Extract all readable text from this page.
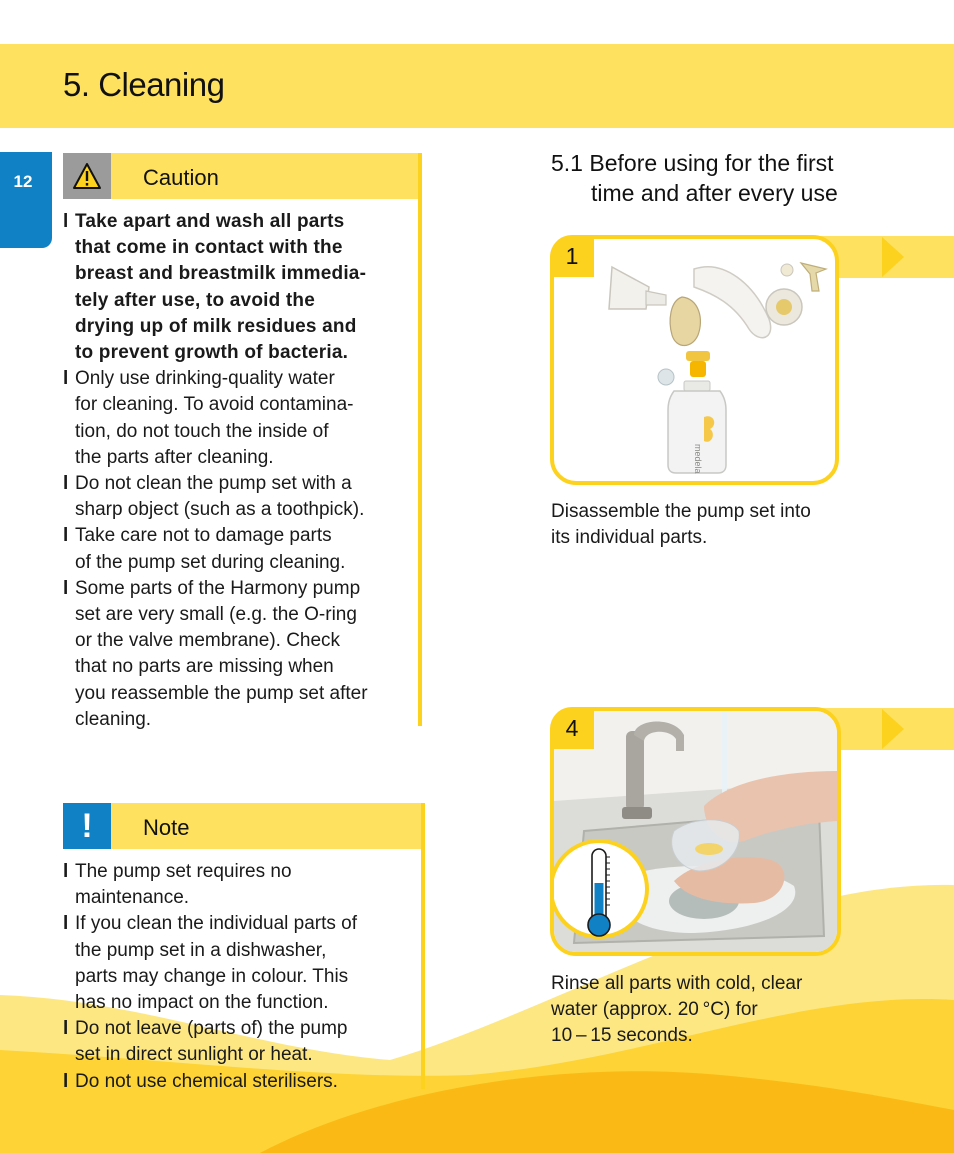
5. Cleaning
12	Caution
l Take apart and wash all parts
that come in contact with the
breast and breastmilk immedia-
tely after use, to avoid the
drying up of milk residues and
to prevent growth of bacteria.
l Only use drinking-quality water
for cleaning. To avoid contamina-
tion, do not touch the inside of
the parts after cleaning.
l Do not clean the pump set with a
sharp object (such as a toothpick).
l Take care not to damage parts
of the pump set during cleaning.
l Some parts of the Harmony pump
set are very small (e.g. the O-ring
or the valve membrane). Check
that no parts are missing when
you reassemble the pump set after
cleaning.
! Note
l The pump set requires no
maintenance.
l If you clean the individual parts of
the pump set in a dishwasher,
parts may change in colour. This
has no impact on the function.
l Do not leave (parts of) the pump
set in direct sunlight or heat.
l Do not use chemical sterilisers.
5.1 Before using for the first
time and after every use
medela
1
Disassemble the pump set into
its individual parts.
4
Rinse all parts with cold, clear
water (approx. 20 °C) for
10 – 15 seconds.
